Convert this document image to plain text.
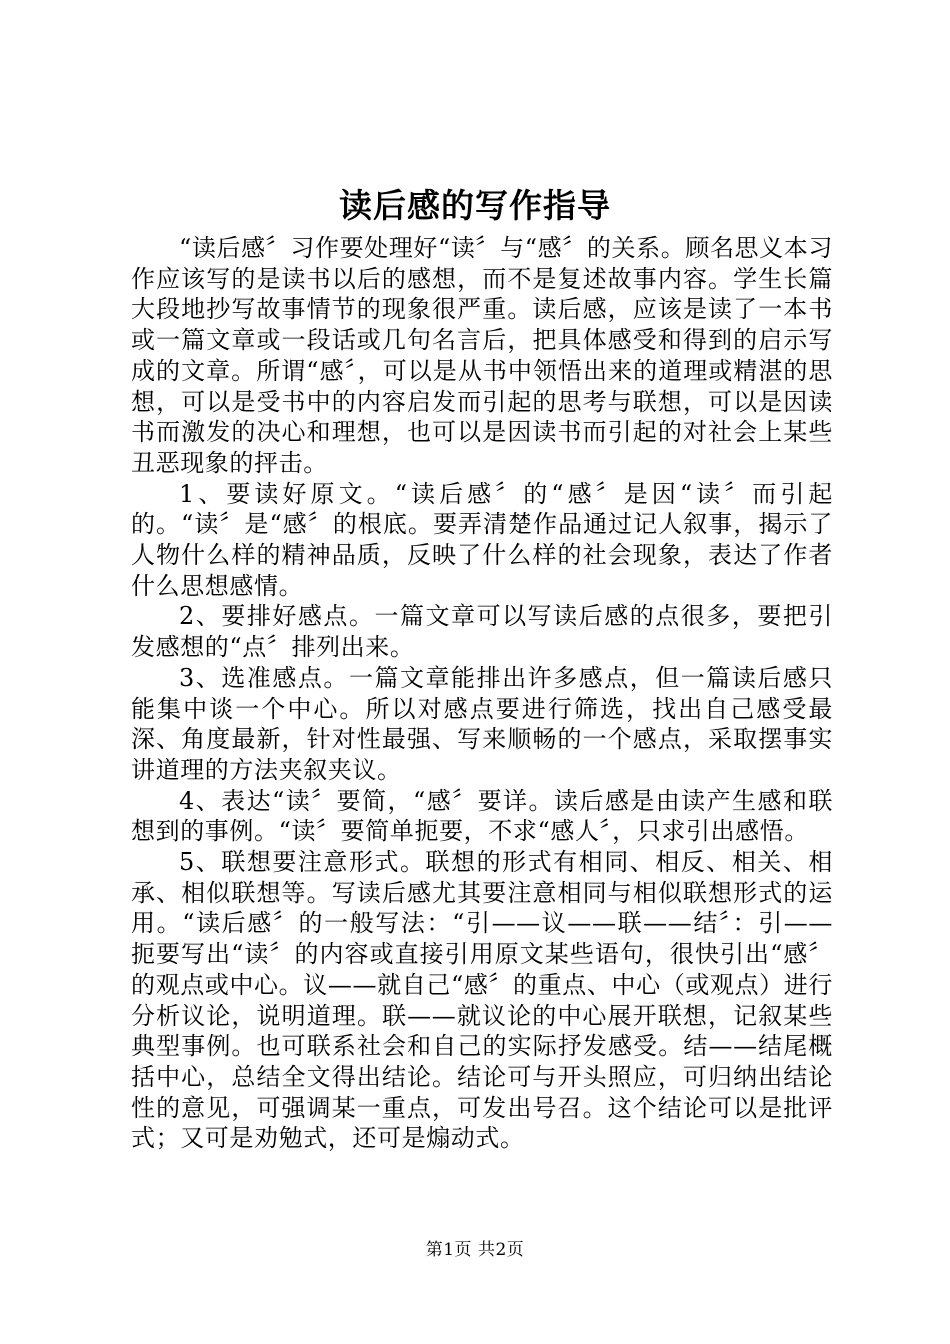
读后感的写作指导

“读后感〞习作要处理好“读〞与“感〞的关系。顾名思义本习作应该写的是读书以后的感想，而不是复述故事内容。学生长篇大段地抄写故事情节的现象很严重。读后感，应该是读了一本书或一篇文章或一段话或几句名言后，把具体感受和得到的启示写成的文章。所谓“感〞，可以是从书中领悟出来的道理或精湛的思想，可以是受书中的内容启发而引起的思考与联想，可以是因读书而激发的决心和理想，也可以是因读书而引起的对社会上某些丑恶现象的抨击。

1、要读好原文。“读后感〞的“感〞是因“读〞而引起的。“读〞是“感〞的根底。要弄清楚作品通过记人叙事，揭示了人物什么样的精神品质，反映了什么样的社会现象，表达了作者什么思想感情。

2、要排好感点。一篇文章可以写读后感的点很多，要把引发感想的“点〞排列出来。

3、选准感点。一篇文章能排出许多感点，但一篇读后感只能集中谈一个中心。所以对感点要进行筛选，找出自己感受最深、角度最新，针对性最强、写来顺畅的一个感点，采取摆事实讲道理的方法夹叙夹议。

4、表达“读〞要简，“感〞要详。读后感是由读产生感和联想到的事例。“读〞要简单扼要，不求“感人〞，只求引出感悟。

5、联想要注意形式。联想的形式有相同、相反、相关、相承、相似联想等。写读后感尤其要注意相同与相似联想形式的运用。“读后感〞的一般写法：“引——议——联——结〞：引——扼要写出“读〞的内容或直接引用原文某些语句，很快引出“感〞的观点或中心。议——就自己“感〞的重点、中心（或观点）进行分析议论，说明道理。联——就议论的中心展开联想，记叙某些典型事例。也可联系社会和自己的实际抒发感受。结——结尾概括中心，总结全文得出结论。结论可与开头照应，可归纳出结论性的意见，可强调某一重点，可发出号召。这个结论可以是批评式；又可是劝勉式，还可是煽动式。

第1页 共2页
